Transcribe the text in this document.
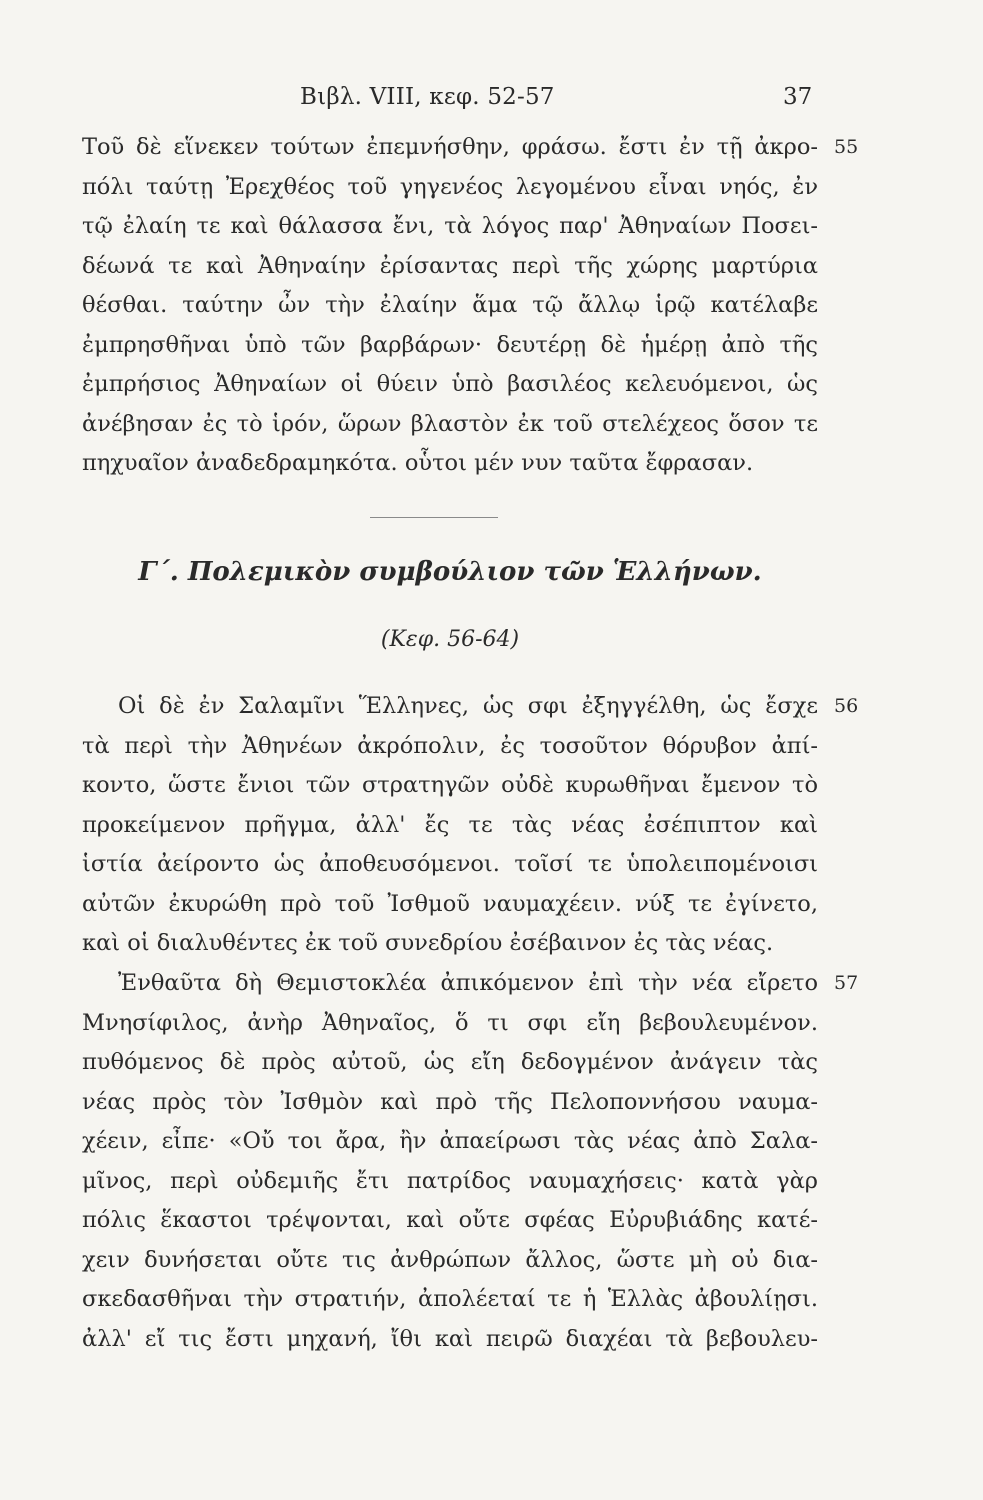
Βιβλ. VIII, κεφ. 52-57	37
Τοῦ δὲ εἵνεκεν τούτων ἐπεμνήσθην, φράσω. ἔστι ἐν τῇ ἀκρο- 55
πόλι ταύτῃ Ἐρεχθέος τοῦ γηγενέος λεγομένου εἶναι νηός, ἐν
τῷ ἐλαίη τε καὶ θάλασσα ἔνι, τὰ λόγος παρ' Ἀθηναίων Ποσει-
δέωνά τε καὶ Ἀθηναίην ἐρίσαντας περὶ τῆς χώρης μαρτύρια
θέσθαι. ταύτην ὦν τὴν ἐλαίην ἅμα τῷ ἄλλῳ ἱρῷ κατέλαβε
ἐμπρησθῆναι ὑπὸ τῶν βαρβάρων· δευτέρῃ δὲ ἡμέρῃ ἀπὸ τῆς
ἐμπρήσιος Ἀθηναίων οἱ θύειν ὑπὸ βασιλέος κελευόμενοι, ὡς
ἀνέβησαν ἐς τὸ ἱρόν, ὥρων βλαστὸν ἐκ τοῦ στελέχεος ὅσον τε
πηχυαῖον ἀναδεδραμηκότα. οὗτοι μέν νυν ταῦτα ἔφρασαν.
Γ΄. Πολεμικὸν συμβούλιον τῶν Ἑλλήνων.
(Κεφ. 56-64)
Οἱ δὲ ἐν Σαλαμῖνι Ἕλληνες, ὡς σφι ἐξηγγέλθη, ὡς ἔσχε 56
τὰ περὶ τὴν Ἀθηνέων ἀκρόπολιν, ἐς τοσοῦτον θόρυβον ἀπί-
κοντο, ὥστε ἔνιοι τῶν στρατηγῶν οὐδὲ κυρωθῆναι ἔμενον τὸ
προκείμενον πρῆγμα, ἀλλ' ἔς τε τὰς νέας ἐσέπιπτον καὶ
ἱστία ἀείροντο ὡς ἀποθευσόμενοι. τοῖσί τε ὑπολειπομένοισι
αὐτῶν ἐκυρώθη πρὸ τοῦ Ἰσθμοῦ ναυμαχέειν. νύξ τε ἐγίνετο,
καὶ οἱ διαλυθέντες ἐκ τοῦ συνεδρίου ἐσέβαινον ἐς τὰς νέας.
Ἐνθαῦτα δὴ Θεμιστοκλέα ἀπικόμενον ἐπὶ τὴν νέα εἴρετο 57
Μνησίφιλος, ἀνὴρ Ἀθηναῖος, ὅ τι σφι εἴη βεβουλευμένον.
πυθόμενος δὲ πρὸς αὐτοῦ, ὡς εἴη δεδογμένον ἀνάγειν τὰς
νέας πρὸς τὸν Ἰσθμὸν καὶ πρὸ τῆς Πελοποννήσου ναυμα-
χέειν, εἶπε· «Οὔ τοι ἄρα, ἢν ἀπαείρωσι τὰς νέας ἀπὸ Σαλα-
μῖνος, περὶ οὐδεμιῆς ἔτι πατρίδος ναυμαχήσεις· κατὰ γὰρ
πόλις ἕκαστοι τρέψονται, καὶ οὔτε σφέας Εὐρυβιάδης κατέ-
χειν δυνήσεται οὔτε τις ἀνθρώπων ἄλλος, ὥστε μὴ οὐ δια-
σκεδασθῆναι τὴν στρατιήν, ἀπολέεταί τε ἡ Ἑλλὰς ἀβουλίῃσι.
ἀλλ' εἴ τις ἔστι μηχανή, ἴθι καὶ πειρῶ διαχέαι τὰ βεβουλευ-
